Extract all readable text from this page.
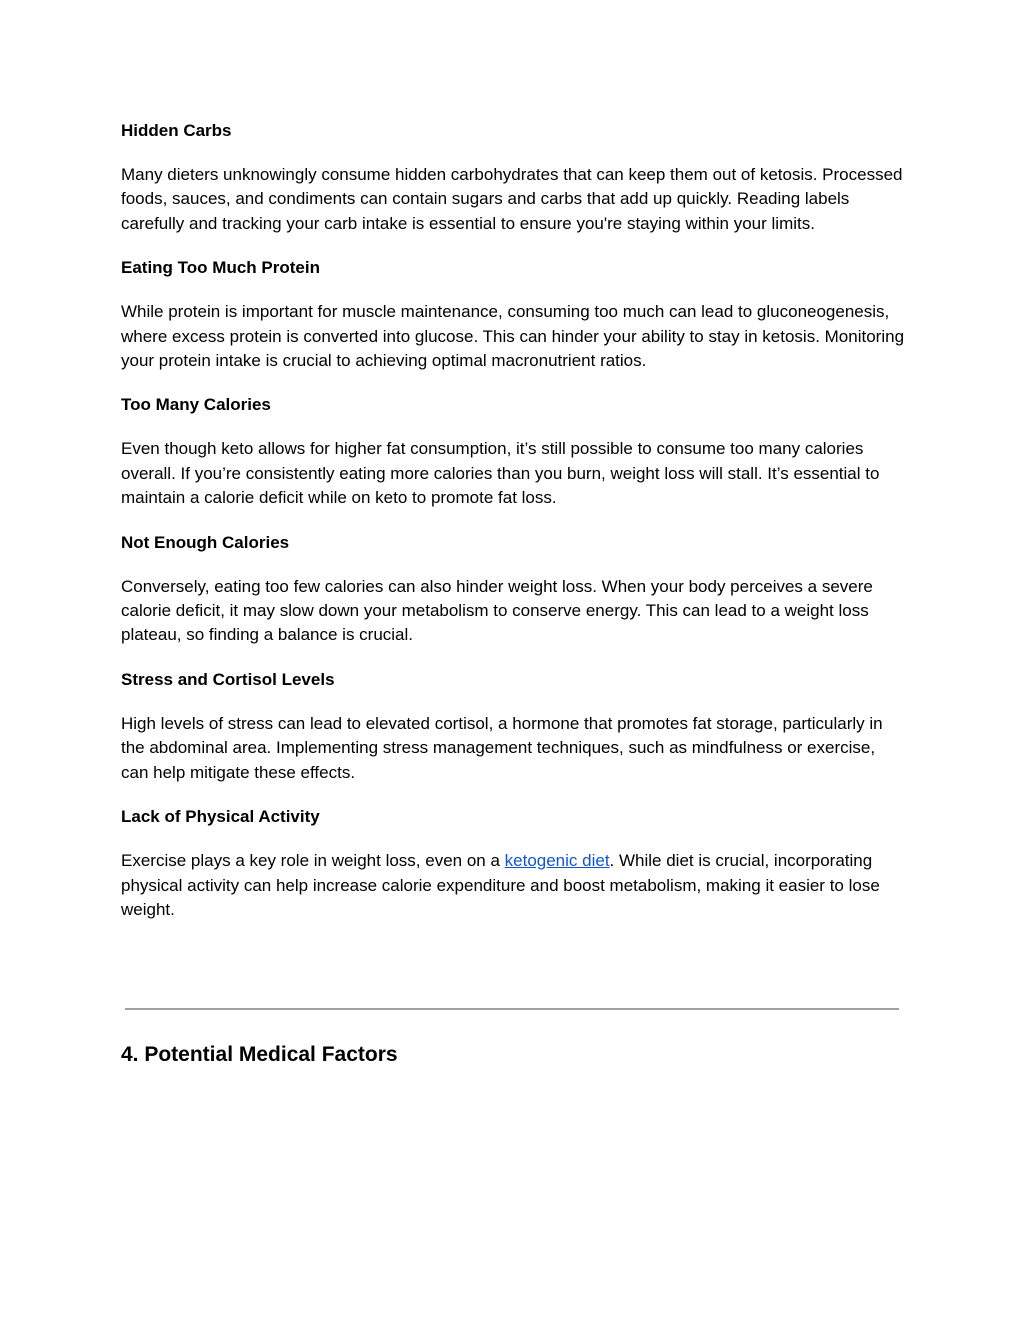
Hidden Carbs

Many dieters unknowingly consume hidden carbohydrates that can keep them out of ketosis. Processed foods, sauces, and condiments can contain sugars and carbs that add up quickly. Reading labels carefully and tracking your carb intake is essential to ensure you're staying within your limits.

Eating Too Much Protein

While protein is important for muscle maintenance, consuming too much can lead to gluconeogenesis, where excess protein is converted into glucose. This can hinder your ability to stay in ketosis. Monitoring your protein intake is crucial to achieving optimal macronutrient ratios.

Too Many Calories

Even though keto allows for higher fat consumption, it’s still possible to consume too many calories overall. If you’re consistently eating more calories than you burn, weight loss will stall. It’s essential to maintain a calorie deficit while on keto to promote fat loss.

Not Enough Calories

Conversely, eating too few calories can also hinder weight loss. When your body perceives a severe calorie deficit, it may slow down your metabolism to conserve energy. This can lead to a weight loss plateau, so finding a balance is crucial.

Stress and Cortisol Levels

High levels of stress can lead to elevated cortisol, a hormone that promotes fat storage, particularly in the abdominal area. Implementing stress management techniques, such as mindfulness or exercise, can help mitigate these effects.

Lack of Physical Activity

Exercise plays a key role in weight loss, even on a ketogenic diet. While diet is crucial, incorporating physical activity can help increase calorie expenditure and boost metabolism, making it easier to lose weight.

4. Potential Medical Factors
